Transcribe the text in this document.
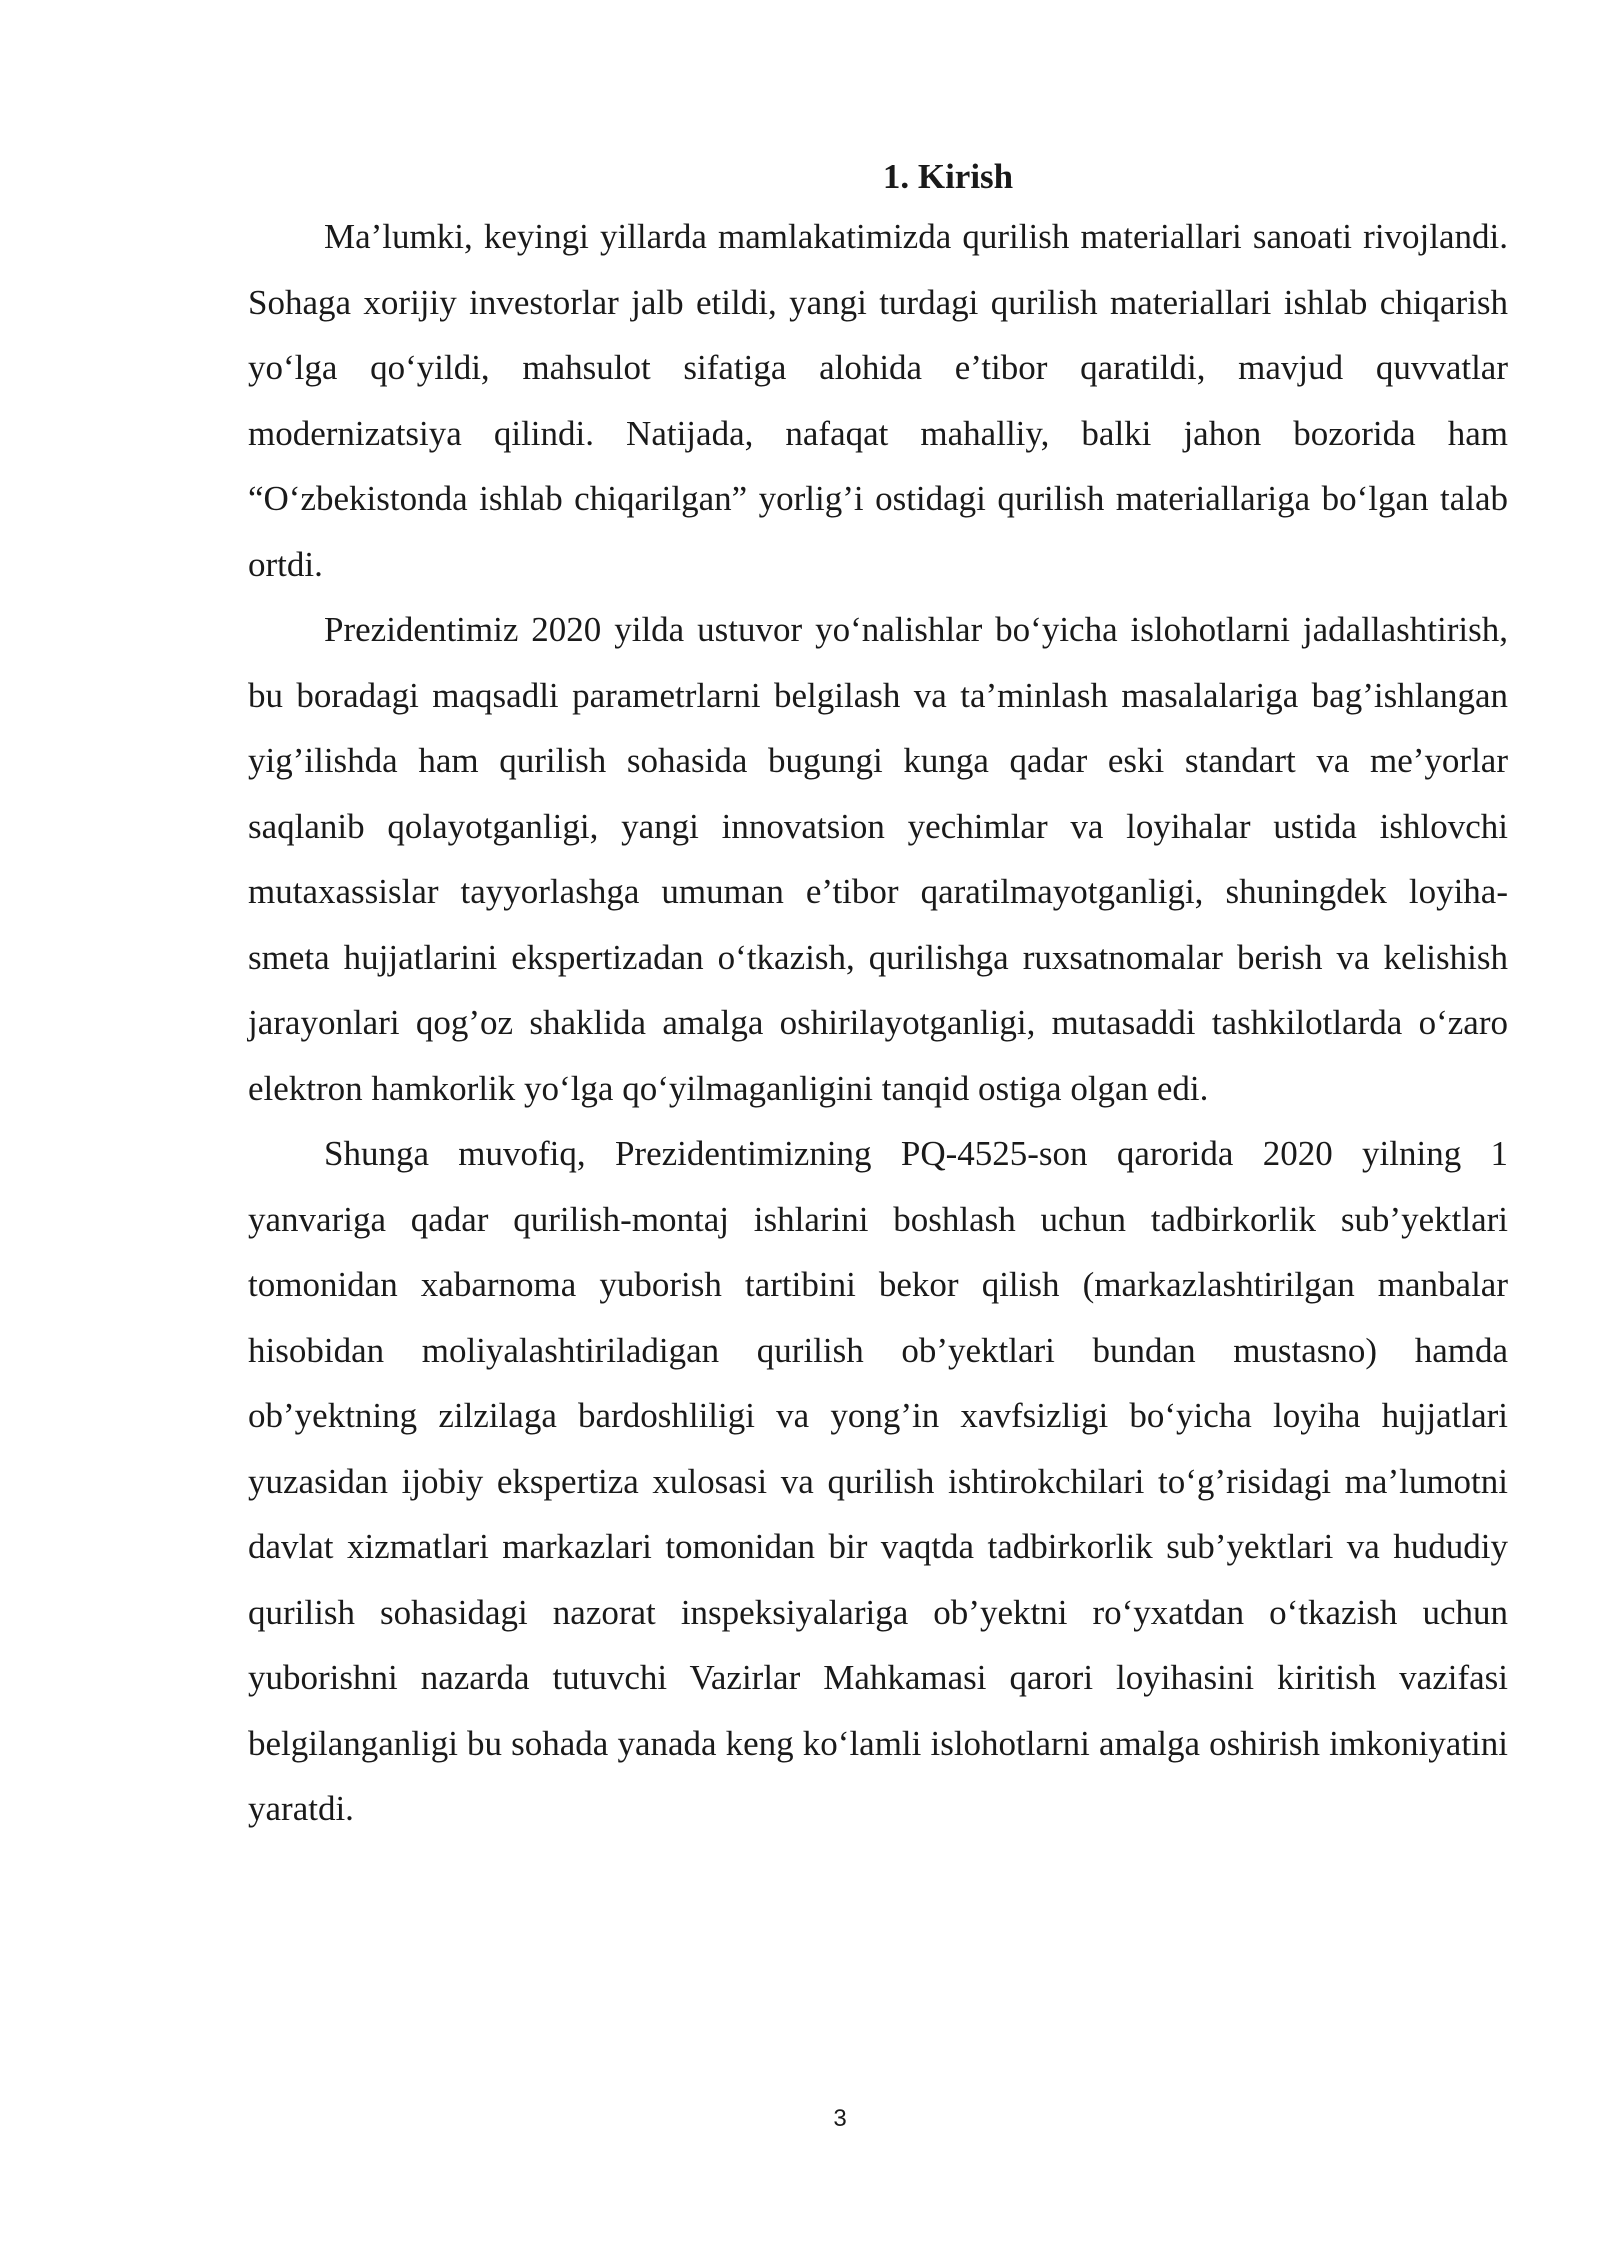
1. Kirish

Ma’lumki, keyingi yillarda mamlakatimizda qurilish materiallari sanoati rivojlandi. Sohaga xorijiy investorlar jalb etildi, yangi turdagi qurilish materiallari ishlab chiqarish yo‘lga qo‘yildi, mahsulot sifatiga alohida e’tibor qaratildi, mavjud quvvatlar modernizatsiya qilindi. Natijada, nafaqat mahalliy, balki jahon bozorida ham “O‘zbekistonda ishlab chiqarilgan” yorlig’i ostidagi qurilish materiallariga bo‘lgan talab ortdi.

Prezidentimiz 2020 yilda ustuvor yo‘nalishlar bo‘yicha islohotlarni jadallashtirish, bu boradagi maqsadli parametrlarni belgilash va ta’minlash masalalariga bag’ishlangan yig’ilishda ham qurilish sohasida bugungi kunga qadar eski standart va me’yorlar saqlanib qolayotganligi, yangi innovatsion yechimlar va loyihalar ustida ishlovchi mutaxassislar tayyorlashga umuman e’tibor qaratilmayotganligi, shuningdek loyiha-smeta hujjatlarini ekspertizadan o‘tkazish, qurilishga ruxsatnomalar berish va kelishish jarayonlari qog’oz shaklida amalga oshirilayotganligi, mutasaddi tashkilotlarda o‘zaro elektron hamkorlik yo‘lga qo‘yilmaganligini tanqid ostiga olgan edi.

Shunga muvofiq, Prezidentimizning PQ-4525-son qarorida 2020 yilning 1 yanvariga qadar qurilish-montaj ishlarini boshlash uchun tadbirkorlik sub’yektlari tomonidan xabarnoma yuborish tartibini bekor qilish (markazlashtirilgan manbalar hisobidan moliyalashtiriladigan qurilish ob’yektlari bundan mustasno) hamda ob’yektning zilzilaga bardoshliligi va yong’in xavfsizligi bo‘yicha loyiha hujjatlari yuzasidan ijobiy ekspertiza xulosasi va qurilish ishtirokchilari to‘g’risidagi ma’lumotni davlat xizmatlari markazlari tomonidan bir vaqtda tadbirkorlik sub’yektlari va hududiy qurilish sohasidagi nazorat inspeksiyalariga ob’yektni ro‘yxatdan o‘tkazish uchun yuborishni nazarda tutuvchi Vazirlar Mahkamasi qarori loyihasini kiritish vazifasi belgilanganligi bu sohada yanada keng ko‘lamli islohotlarni amalga oshirish imkoniyatini yaratdi.

3
